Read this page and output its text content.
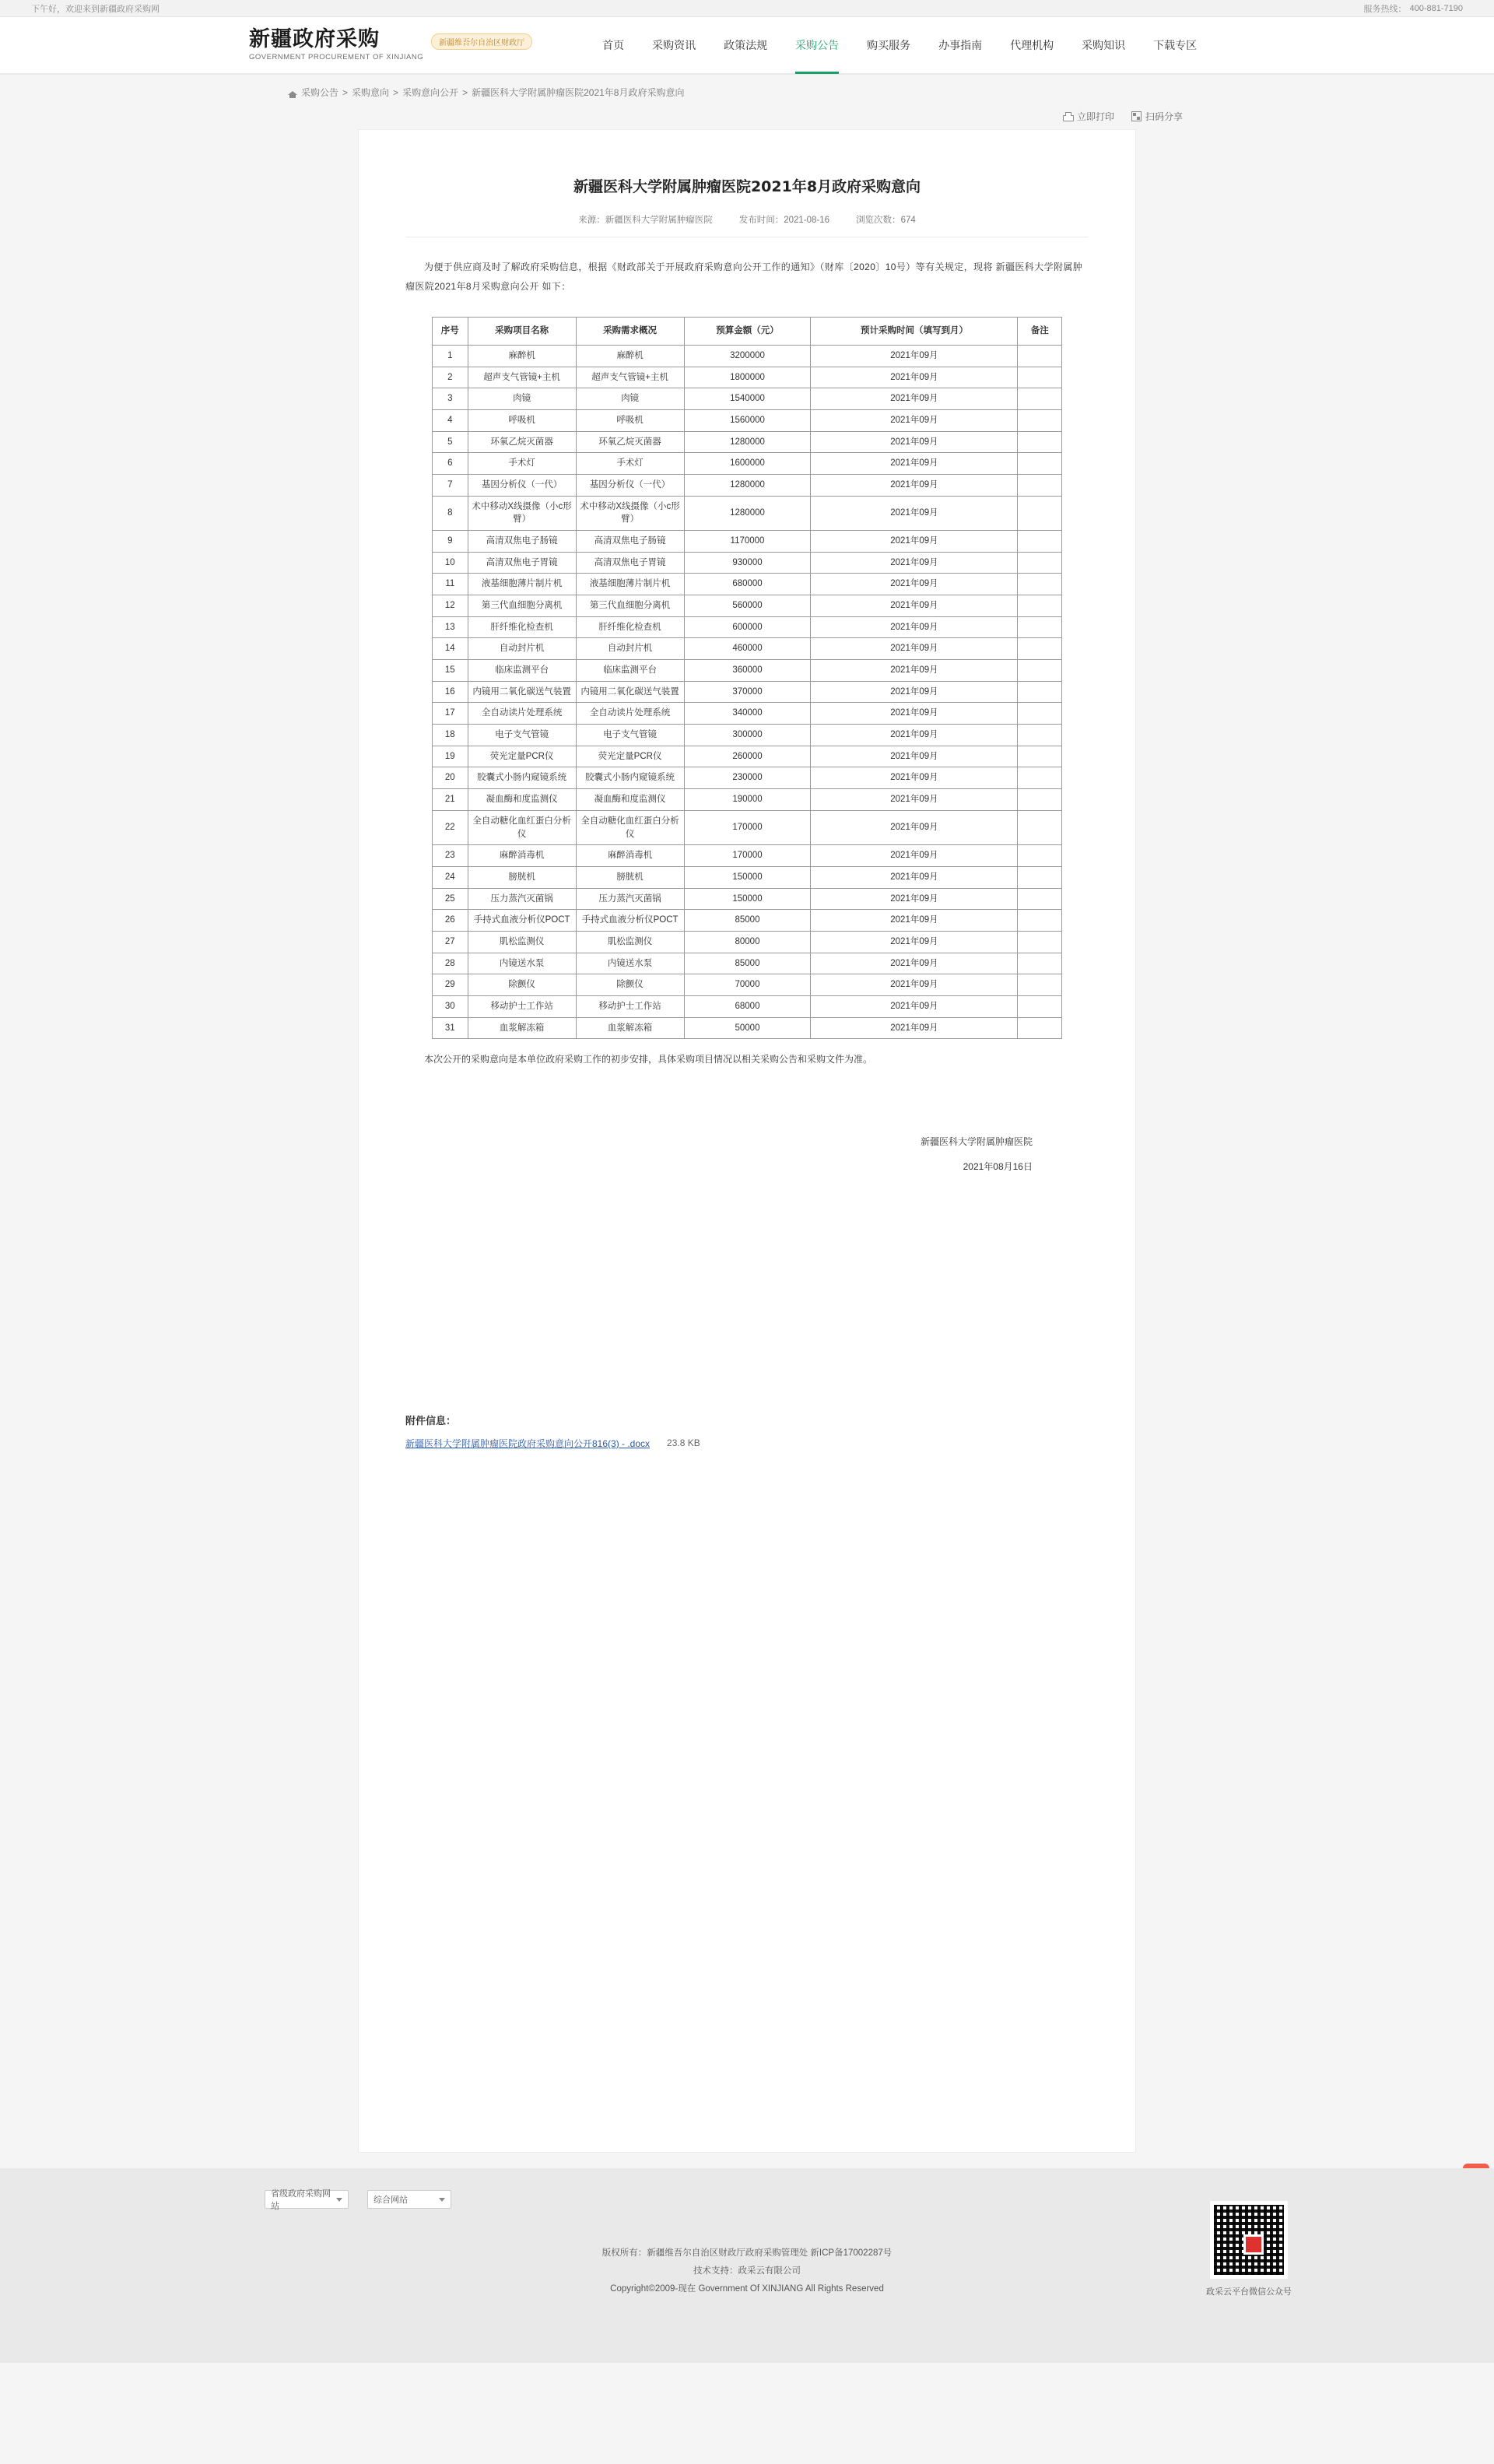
下午好，欢迎来到新疆政府采购网	服务热线： 400-881-7190
新疆政府采购
GOVERNMENT PROCUREMENT OF XINJIANG
新疆维吾尔自治区财政厅	首页	采购资讯	政策法规	采购公告	购买服务	办事指南	代理机构	采购知识	下载专区
采购公告 > 采购意向 > 采购意向公开 > 新疆医科大学附属肿瘤医院2021年8月政府采购意向
立即打印	扫码分享
新疆医科大学附属肿瘤医院2021年8月政府采购意向
来源：新疆医科大学附属肿瘤医院	发布时间：2021-08-16	浏览次数：674

为便于供应商及时了解政府采购信息，根据《财政部关于开展政府采购意向公开工作的通知》（财库〔2020〕10号）等有关规定，现将 新疆医科大学附属肿瘤医院2021年8月采购意向公开 如下：

序号	采购项目名称	采购需求概况	预算金额（元）	预计采购时间（填写到月）	备注
1	麻醉机	麻醉机	3200000	2021年09月	
2	超声支气管镜+主机	超声支气管镜+主机	1800000	2021年09月	
3	肉镜	肉镜	1540000	2021年09月	
4	呼吸机	呼吸机	1560000	2021年09月	
5	环氧乙烷灭菌器	环氧乙烷灭菌器	1280000	2021年09月	
6	手术灯	手术灯	1600000	2021年09月	
7	基因分析仪（一代）	基因分析仪（一代）	1280000	2021年09月	
8	术中移动X线摄像（小c形臂）	术中移动X线摄像（小c形臂）	1280000	2021年09月	
9	高清双焦电子肠镜	高清双焦电子肠镜	1170000	2021年09月	
10	高清双焦电子胃镜	高清双焦电子胃镜	930000	2021年09月	
11	液基细胞薄片制片机	液基细胞薄片制片机	680000	2021年09月	
12	第三代血细胞分离机	第三代血细胞分离机	560000	2021年09月	
13	肝纤维化检查机	肝纤维化检查机	600000	2021年09月	
14	自动封片机	自动封片机	460000	2021年09月	
15	临床监测平台	临床监测平台	360000	2021年09月	
16	内镜用二氧化碳送气装置	内镜用二氧化碳送气装置	370000	2021年09月	
17	全自动读片处理系统	全自动读片处理系统	340000	2021年09月	
18	电子支气管镜	电子支气管镜	300000	2021年09月	
19	荧光定量PCR仪	荧光定量PCR仪	260000	2021年09月	
20	胶囊式小肠内窥镜系统	胶囊式小肠内窥镜系统	230000	2021年09月	
21	凝血酶和度监测仪	凝血酶和度监测仪	190000	2021年09月	
22	全自动糖化血红蛋白分析仪	全自动糖化血红蛋白分析仪	170000	2021年09月	
23	麻醉消毒机	麻醉消毒机	170000	2021年09月	
24	膀胱机	膀胱机	150000	2021年09月	
25	压力蒸汽灭菌锅	压力蒸汽灭菌锅	150000	2021年09月	
26	手持式血液分析仪POCT	手持式血液分析仪POCT	85000	2021年09月	
27	肌松监测仪	肌松监测仪	80000	2021年09月	
28	内镜送水泵	内镜送水泵	85000	2021年09月	
29	除颤仪	除颤仪	70000	2021年09月	
30	移动护士工作站	移动护士工作站	68000	2021年09月	
31	血浆解冻箱	血浆解冻箱	50000	2021年09月	

本次公开的采购意向是本单位政府采购工作的初步安排，具体采购项目情况以相关采购公告和采购文件为准。

新疆医科大学附属肿瘤医院
2021年08月16日
附件信息：
新疆医科大学附属肿瘤医院政府采购意向公开816(3) - .docx 23.8 KB
省级政府采购网站
综合网站
政采云平台微信公众号
版权所有：新疆维吾尔自治区财政厅政府采购管理处 新ICP备17002287号
技术支持：政采云有限公司
Copyright©2009-现在 Government Of XINJIANG All Rights Reserved
